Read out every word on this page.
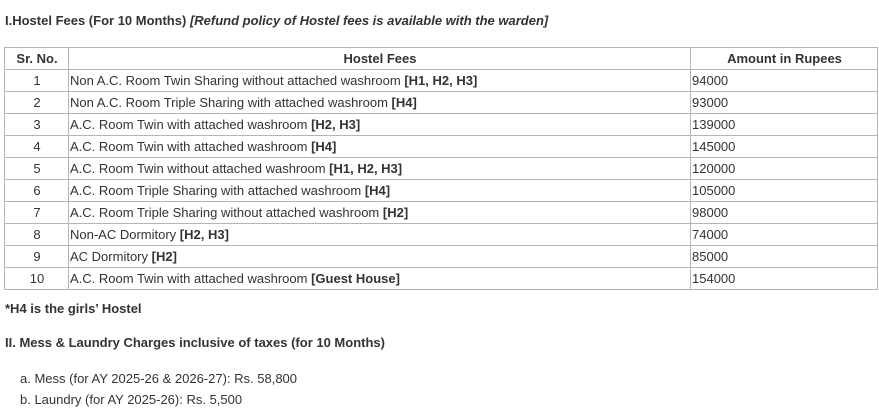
I.Hostel Fees (For 10 Months) [Refund policy of Hostel fees is available with the warden]
Sr. No.	Hostel Fees	Amount in Rupees
1	Non A.C. Room Twin Sharing without attached washroom [H1, H2, H3]	94000
2	Non A.C. Room Triple Sharing with attached washroom [H4]	93000
3	A.C. Room Twin with attached washroom [H2, H3]	139000
4	A.C. Room Twin with attached washroom [H4]	145000
5	A.C. Room Twin without attached washroom [H1, H2, H3]	120000
6	A.C. Room Triple Sharing with attached washroom [H4]	105000
7	A.C. Room Triple Sharing without attached washroom [H2]	98000
8	Non-AC Dormitory [H2, H3]	74000
9	AC Dormitory [H2]	85000
10	A.C. Room Twin with attached washroom [Guest House]	154000
*H4 is the girls’ Hostel
II. Mess & Laundry Charges inclusive of taxes (for 10 Months)
a. Mess (for AY 2025-26 & 2026-27): Rs. 58,800
b. Laundry (for AY 2025-26): Rs. 5,500
